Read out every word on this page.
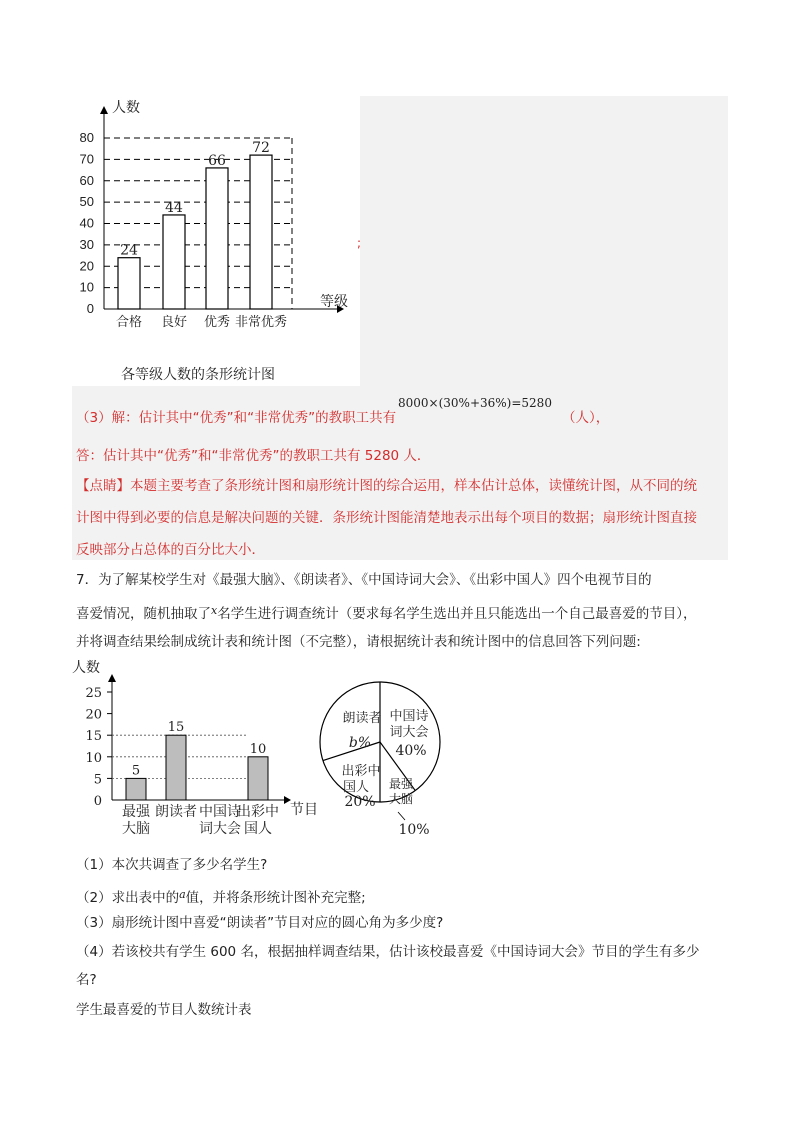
0
10
20
30
40
50
60
70
80
人数
等级
24
合格
44
良好
66
优秀
72
非常优秀
各等级人数的条形统计图
;
（3）解：估计其中“优秀”和“非常优秀”的教职工共有
8000×(30%+36%)=5280
（人），
答：估计其中“优秀”和“非常优秀”的教职工共有 5280 人．
【点睛】本题主要考查了条形统计图和扇形统计图的综合运用，样本估计总体，读懂统计图，从不同的统
计图中得到必要的信息是解决问题的关键．条形统计图能清楚地表示出每个项目的数据；扇形统计图直接
反映部分占总体的百分比大小．
7．为了解某校学生对《最强大脑》、《朗读者》、《中国诗词大会》、《出彩中国人》四个电视节目的
喜爱情况，随机抽取了$^x$名学生进行调查统计（要求每名学生选出并且只能选出一个自己最喜爱的节目），
并将调查结果绘制成统计表和统计图（不完整），请根据统计表和统计图中的信息回答下列问题:
人数
节目
0
5
10
15
20
25
5
最强
大脑
15
朗读者 中国诗
词大会
10
出彩中
国人
中国诗
词大会
40%
最强
大脑
10%
出彩中
国人
20%
朗读者
b%
（1）本次共调查了多少名学生?
（2）求出表中的$^a$值，并将条形统计图补充完整;
（3）扇形统计图中喜爱“朗读者”节目对应的圆心角为多少度?
（4）若该校共有学生 600 名，根据抽样调查结果，估计该校最喜爱《中国诗词大会》节目的学生有多少
名?
学生最喜爱的节目人数统计表
